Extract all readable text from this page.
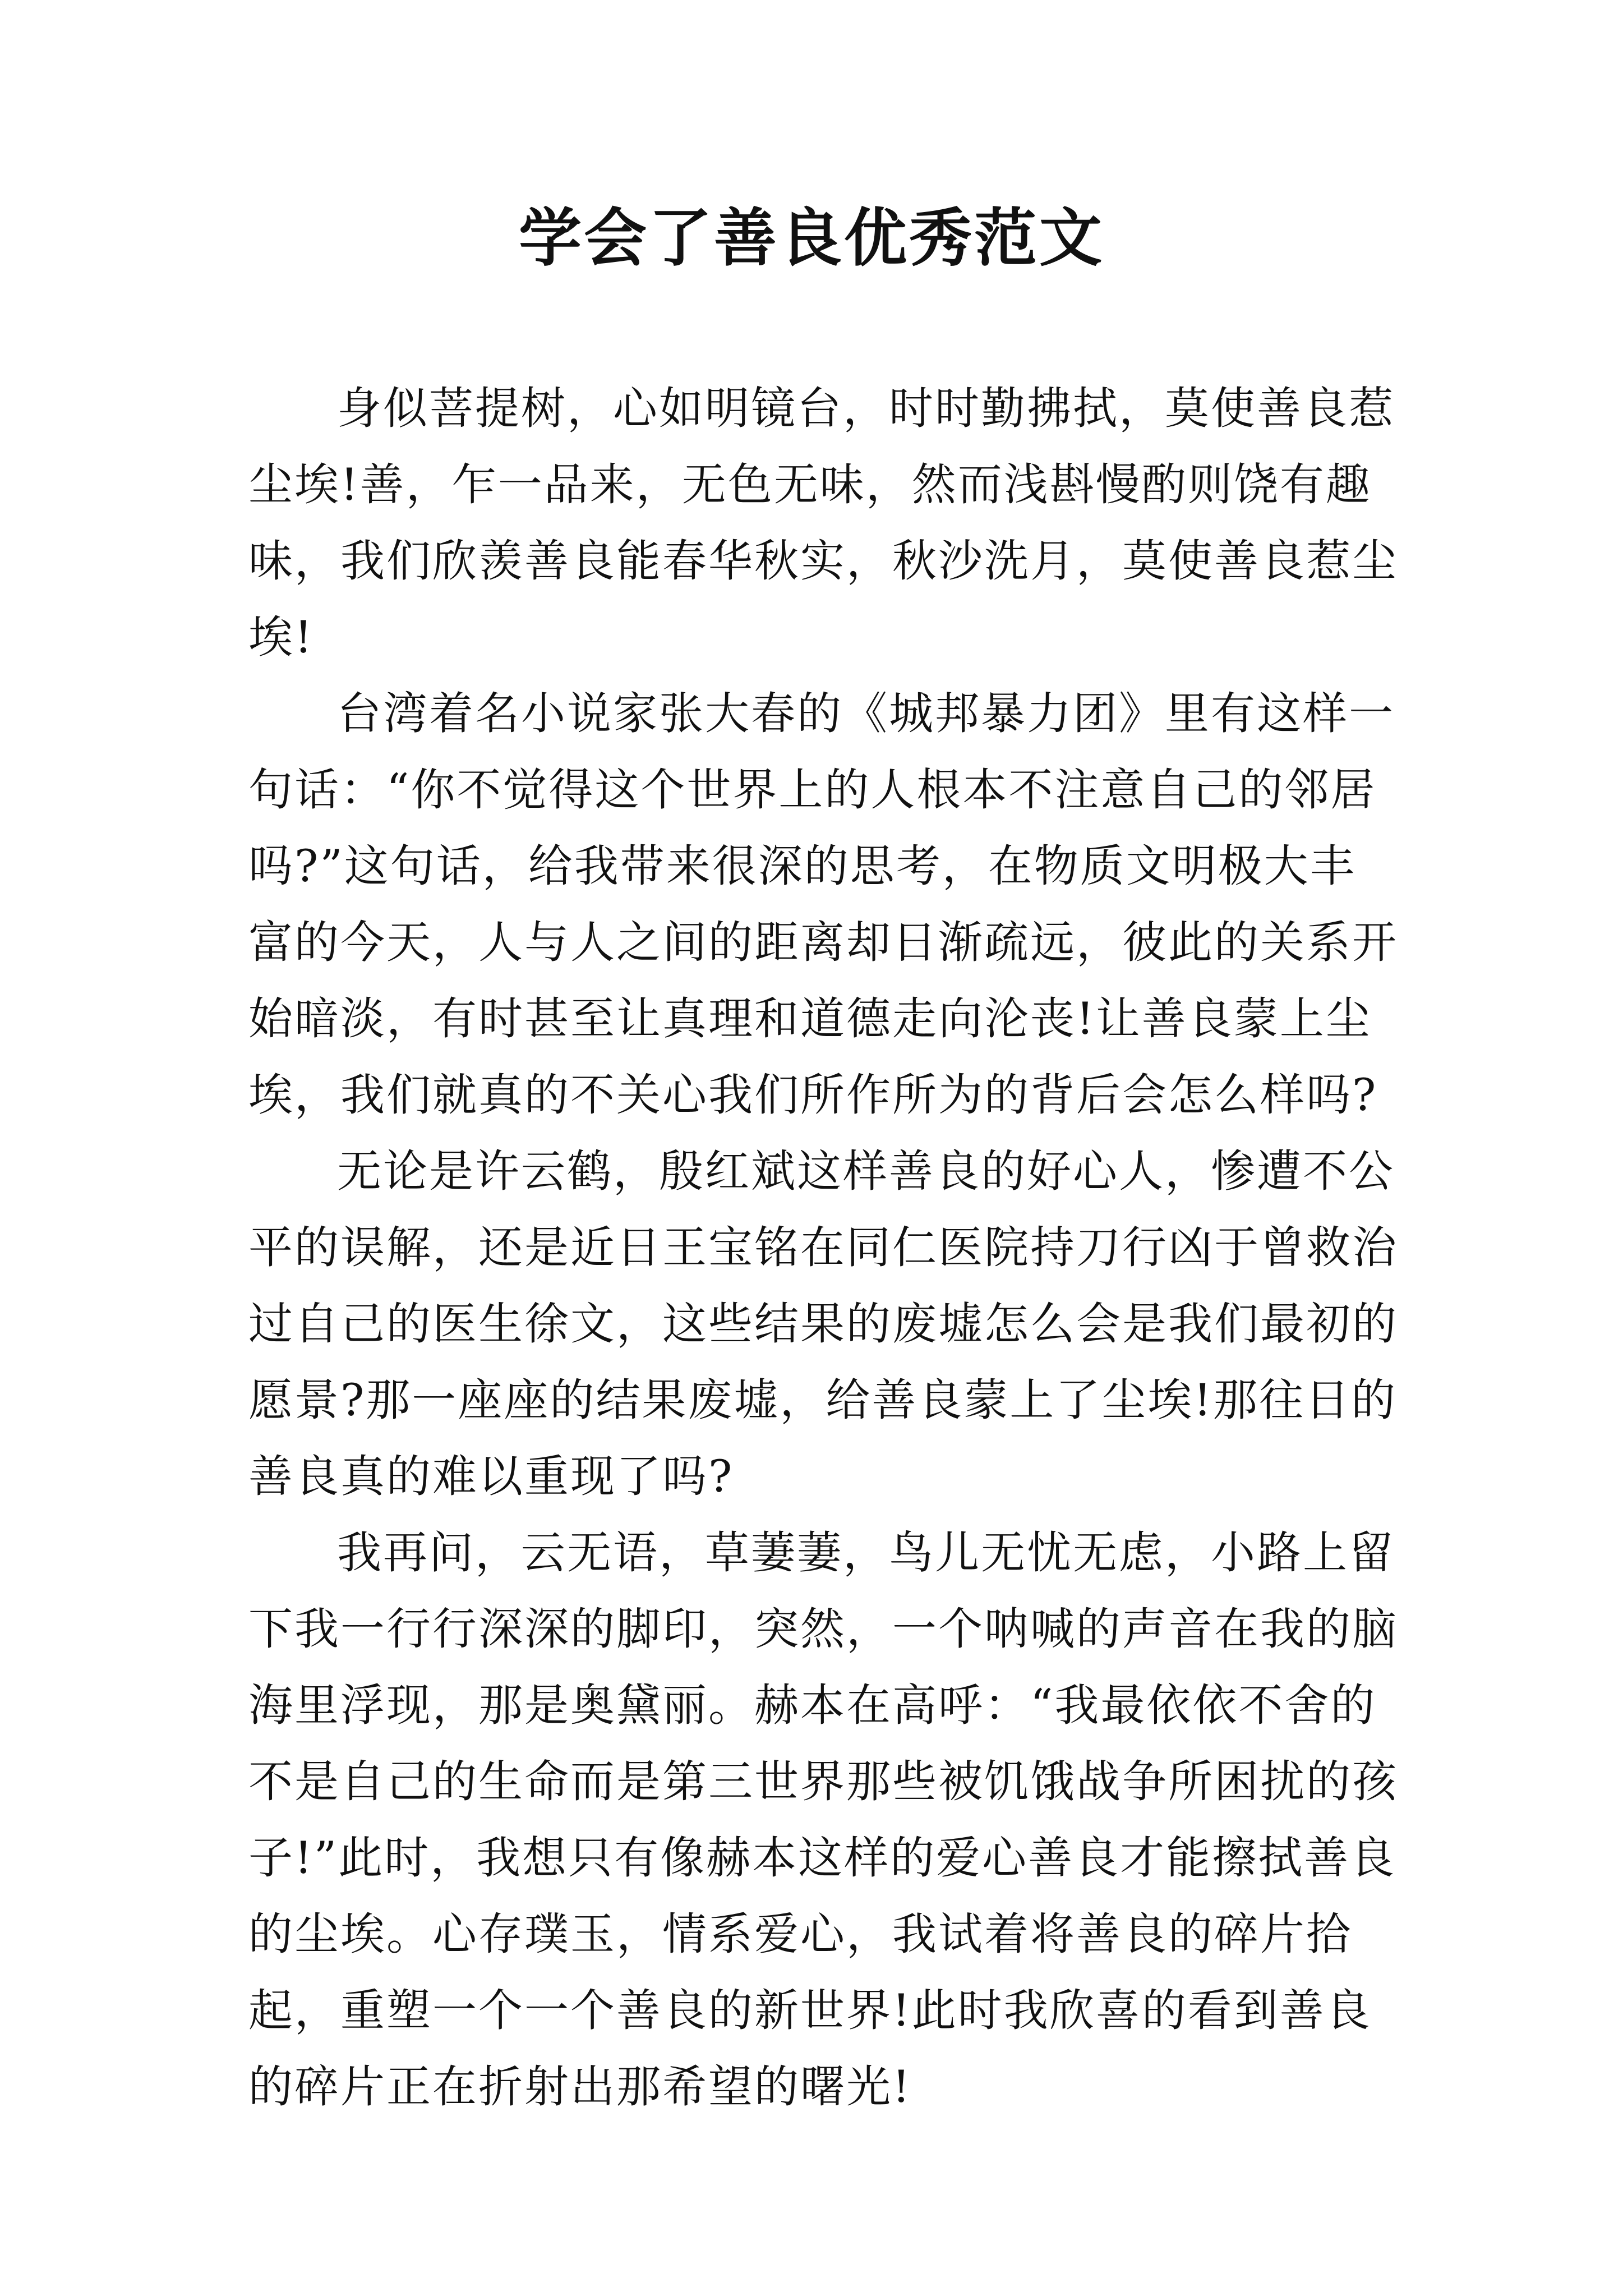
学会了善良优秀范文

身似菩提树，心如明镜台，时时勤拂拭，莫使善良惹尘埃!善，乍一品来，无色无味，然而浅斟慢酌则饶有趣味，我们欣羡善良能春华秋实，秋沙洗月，莫使善良惹尘埃!

台湾着名小说家张大春的《城邦暴力团》里有这样一句话：“你不觉得这个世界上的人根本不注意自己的邻居吗?”这句话，给我带来很深的思考，在物质文明极大丰富的今天，人与人之间的距离却日渐疏远，彼此的关系开始暗淡，有时甚至让真理和道德走向沦丧!让善良蒙上尘埃，我们就真的不关心我们所作所为的背后会怎么样吗?

无论是许云鹤，殷红斌这样善良的好心人，惨遭不公平的误解，还是近日王宝铭在同仁医院持刀行凶于曾救治过自己的医生徐文，这些结果的废墟怎么会是我们最初的愿景?那一座座的结果废墟，给善良蒙上了尘埃!那往日的善良真的难以重现了吗?

我再问，云无语，草萋萋，鸟儿无忧无虑，小路上留下我一行行深深的脚印，突然，一个呐喊的声音在我的脑海里浮现，那是奥黛丽。赫本在高呼：“我最依依不舍的不是自己的生命而是第三世界那些被饥饿战争所困扰的孩子!”此时，我想只有像赫本这样的爱心善良才能擦拭善良的尘埃。心存璞玉，情系爱心，我试着将善良的碎片拾起，重塑一个一个善良的新世界!此时我欣喜的看到善良的碎片正在折射出那希望的曙光!
